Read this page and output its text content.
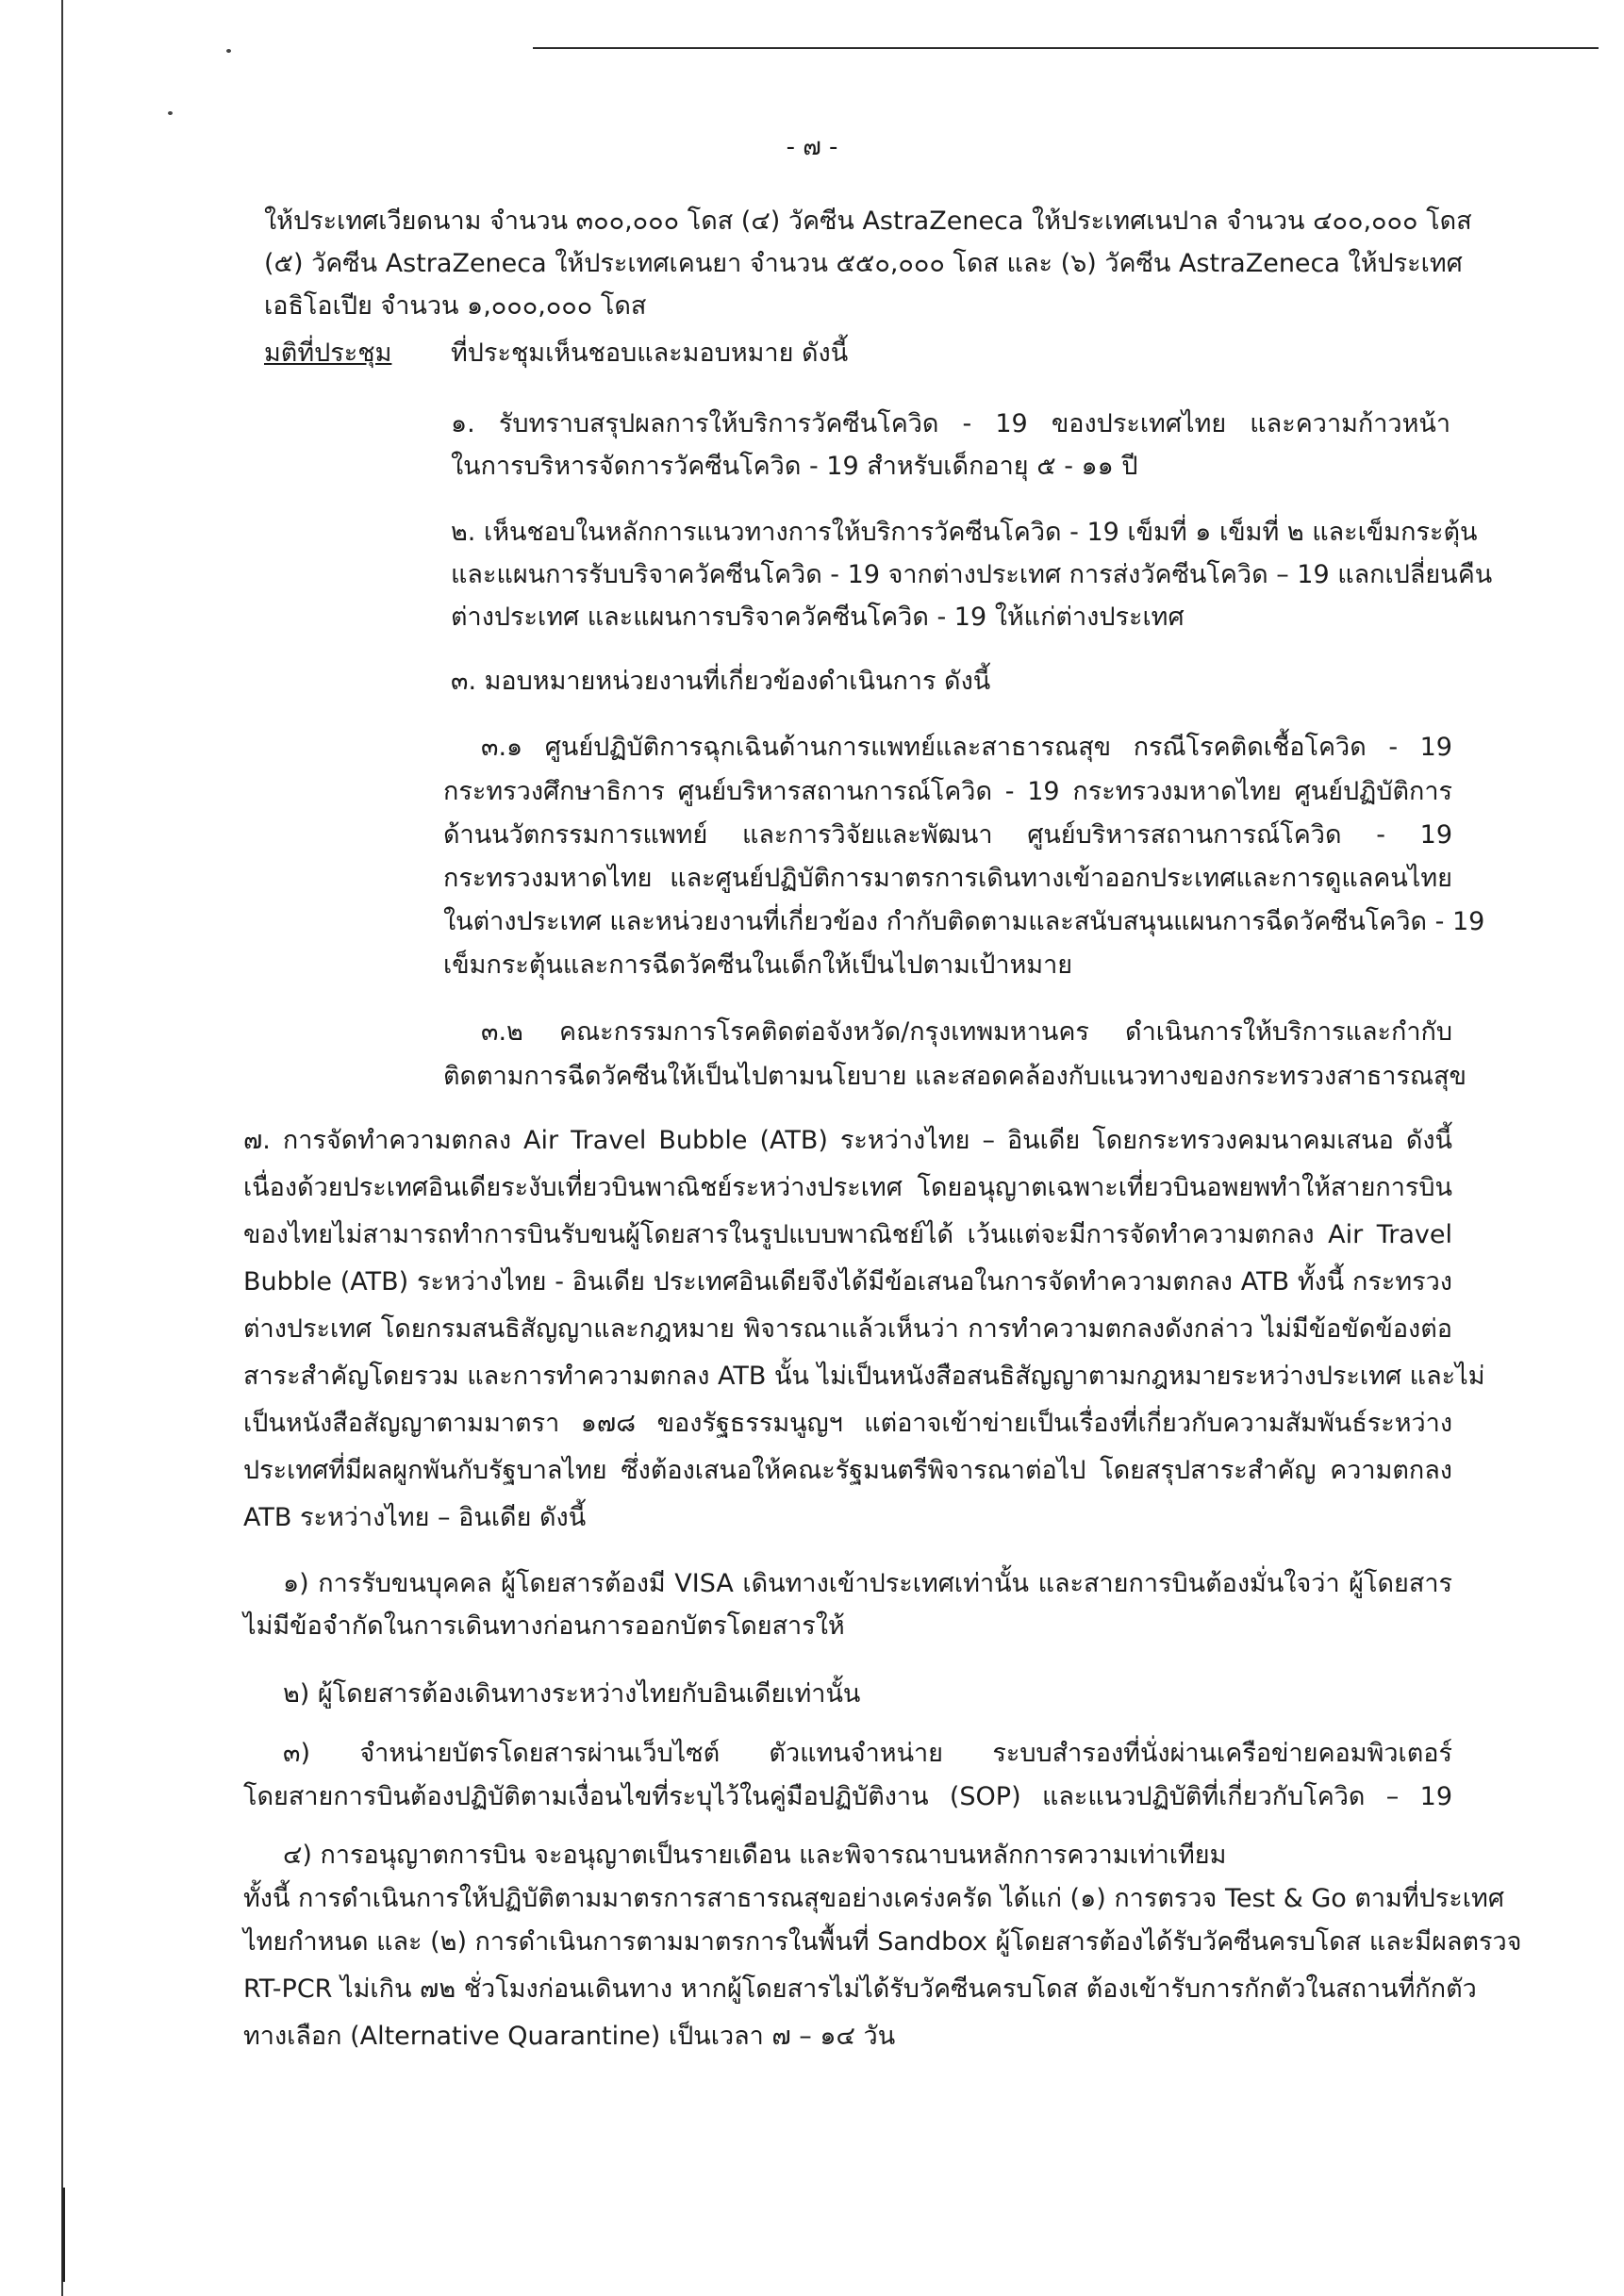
- ๗ -
ให้ประเทศเวียดนาม จำนวน ๓๐๐,๐๐๐ โดส (๔) วัคซีน AstraZeneca ให้ประเทศเนปาล จำนวน ๔๐๐,๐๐๐ โดส
(๕) วัคซีน AstraZeneca ให้ประเทศเคนยา จำนวน ๕๕๐,๐๐๐ โดส และ (๖) วัคซีน AstraZeneca ให้ประเทศ
เอธิโอเปีย จำนวน ๑,๐๐๐,๐๐๐ โดส
มติที่ประชุม ที่ประชุมเห็นชอบและมอบหมาย ดังนี้
๑. รับทราบสรุปผลการให้บริการวัคซีนโควิด - 19 ของประเทศไทย และความก้าวหน้า
ในการบริหารจัดการวัคซีนโควิด - 19 สำหรับเด็กอายุ ๕ - ๑๑ ปี
๒. เห็นชอบในหลักการแนวทางการให้บริการวัคซีนโควิด - 19 เข็มที่ ๑ เข็มที่ ๒ และเข็มกระตุ้น
และแผนการรับบริจาควัคซีนโควิด - 19 จากต่างประเทศ การส่งวัคซีนโควิด – 19 แลกเปลี่ยนคืน
ต่างประเทศ และแผนการบริจาควัคซีนโควิด - 19 ให้แก่ต่างประเทศ
๓. มอบหมายหน่วยงานที่เกี่ยวข้องดำเนินการ ดังนี้
๓.๑ ศูนย์ปฏิบัติการฉุกเฉินด้านการแพทย์และสาธารณสุข กรณีโรคติดเชื้อโควิด - 19
กระทรวงศึกษาธิการ ศูนย์บริหารสถานการณ์โควิด - 19 กระทรวงมหาดไทย ศูนย์ปฏิบัติการ
ด้านนวัตกรรมการแพทย์ และการวิจัยและพัฒนา ศูนย์บริหารสถานการณ์โควิด - 19
กระทรวงมหาดไทย และศูนย์ปฏิบัติการมาตรการเดินทางเข้าออกประเทศและการดูแลคนไทย
ในต่างประเทศ และหน่วยงานที่เกี่ยวข้อง กำกับติดตามและสนับสนุนแผนการฉีดวัคซีนโควิด - 19
เข็มกระตุ้นและการฉีดวัคซีนในเด็กให้เป็นไปตามเป้าหมาย
๓.๒ คณะกรรมการโรคติดต่อจังหวัด/กรุงเทพมหานคร ดำเนินการให้บริการและกำกับ
ติดตามการฉีดวัคซีนให้เป็นไปตามนโยบาย และสอดคล้องกับแนวทางของกระทรวงสาธารณสุข
๗. การจัดทำความตกลง Air Travel Bubble (ATB) ระหว่างไทย – อินเดีย โดยกระทรวงคมนาคมเสนอ ดังนี้
เนื่องด้วยประเทศอินเดียระงับเที่ยวบินพาณิชย์ระหว่างประเทศ โดยอนุญาตเฉพาะเที่ยวบินอพยพทำให้สายการบิน
ของไทยไม่สามารถทำการบินรับขนผู้โดยสารในรูปแบบพาณิชย์ได้ เว้นแต่จะมีการจัดทำความตกลง Air Travel
Bubble (ATB) ระหว่างไทย - อินเดีย ประเทศอินเดียจึงได้มีข้อเสนอในการจัดทำความตกลง ATB ทั้งนี้ กระทรวง
ต่างประเทศ โดยกรมสนธิสัญญาและกฎหมาย พิจารณาแล้วเห็นว่า การทำความตกลงดังกล่าว ไม่มีข้อขัดข้องต่อ
สาระสำคัญโดยรวม และการทำความตกลง ATB นั้น ไม่เป็นหนังสือสนธิสัญญาตามกฎหมายระหว่างประเทศ และไม่
เป็นหนังสือสัญญาตามมาตรา ๑๗๘ ของรัฐธรรมนูญฯ แต่อาจเข้าข่ายเป็นเรื่องที่เกี่ยวกับความสัมพันธ์ระหว่าง
ประเทศที่มีผลผูกพันกับรัฐบาลไทย ซึ่งต้องเสนอให้คณะรัฐมนตรีพิจารณาต่อไป โดยสรุปสาระสำคัญ ความตกลง
ATB ระหว่างไทย – อินเดีย ดังนี้
๑) การรับขนบุคคล ผู้โดยสารต้องมี VISA เดินทางเข้าประเทศเท่านั้น และสายการบินต้องมั่นใจว่า ผู้โดยสาร
ไม่มีข้อจำกัดในการเดินทางก่อนการออกบัตรโดยสารให้
๒) ผู้โดยสารต้องเดินทางระหว่างไทยกับอินเดียเท่านั้น
๓) จำหน่ายบัตรโดยสารผ่านเว็บไซต์ ตัวแทนจำหน่าย ระบบสำรองที่นั่งผ่านเครือข่ายคอมพิวเตอร์
โดยสายการบินต้องปฏิบัติตามเงื่อนไขที่ระบุไว้ในคู่มือปฏิบัติงาน (SOP) และแนวปฏิบัติที่เกี่ยวกับโควิด – 19
๔) การอนุญาตการบิน จะอนุญาตเป็นรายเดือน และพิจารณาบนหลักการความเท่าเทียม
ทั้งนี้ การดำเนินการให้ปฏิบัติตามมาตรการสาธารณสุขอย่างเคร่งครัด ได้แก่ (๑) การตรวจ Test & Go ตามที่ประเทศ
ไทยกำหนด และ (๒) การดำเนินการตามมาตรการในพื้นที่ Sandbox ผู้โดยสารต้องได้รับวัคซีนครบโดส และมีผลตรวจ
RT-PCR ไม่เกิน ๗๒ ชั่วโมงก่อนเดินทาง หากผู้โดยสารไม่ได้รับวัคซีนครบโดส ต้องเข้ารับการกักตัวในสถานที่กักตัว
ทางเลือก (Alternative Quarantine) เป็นเวลา ๗ – ๑๔ วัน
